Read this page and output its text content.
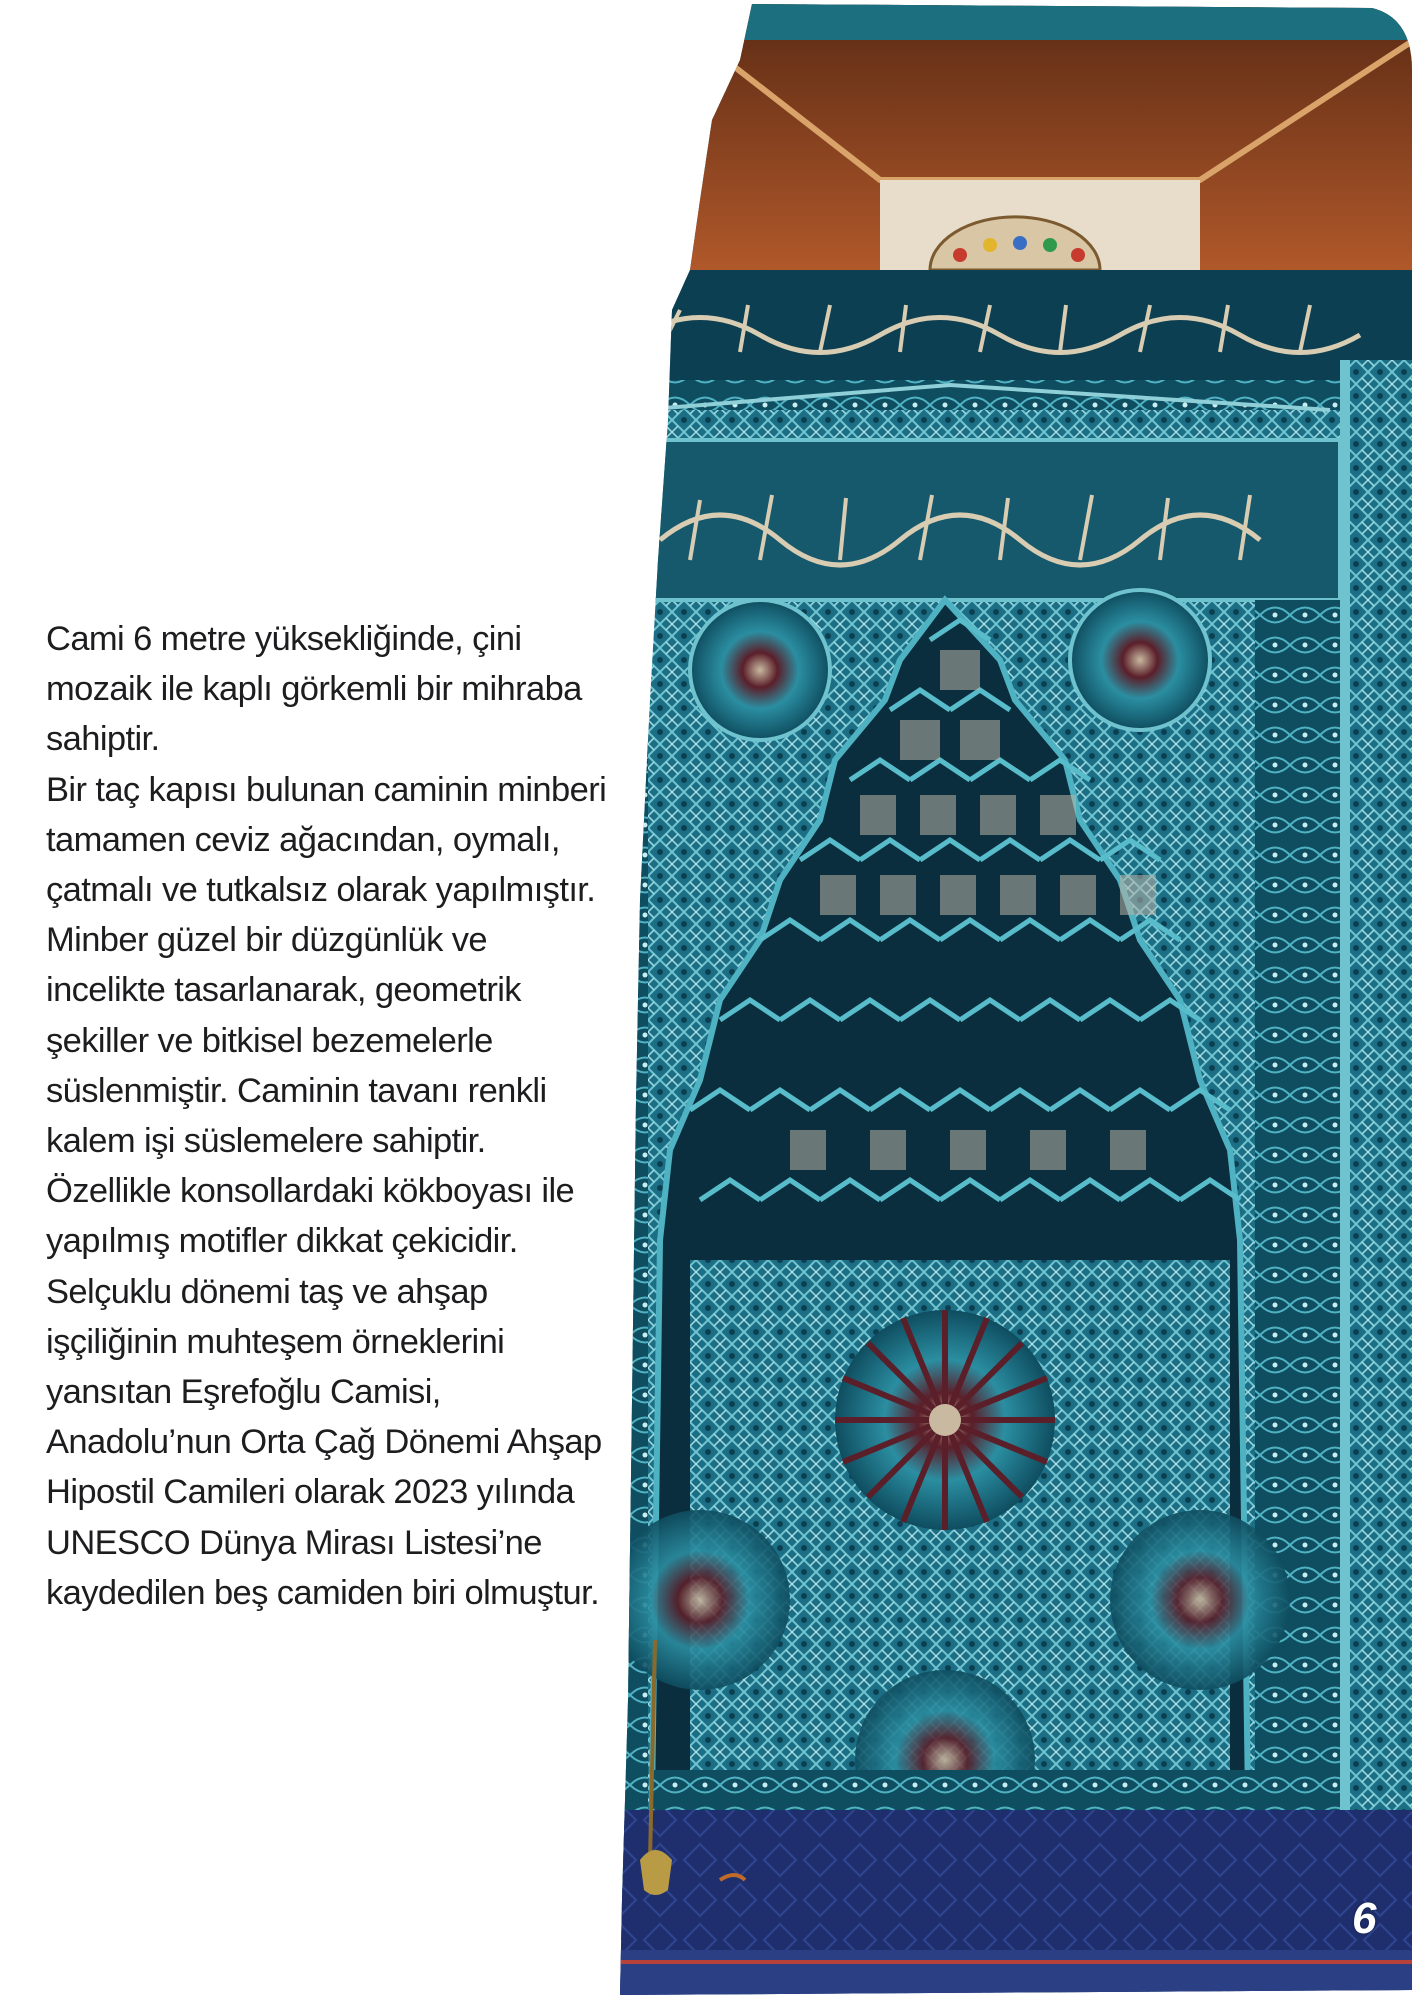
Cami 6 metre yüksekliğinde, çini
mozaik ile kaplı görkemli bir mihraba
sahiptir.
Bir taç kapısı bulunan caminin minberi
tamamen ceviz ağacından, oymalı,
çatmalı ve tutkalsız olarak yapılmıştır.
Minber güzel bir düzgünlük ve
incelikte tasarlanarak, geometrik
şekiller ve bitkisel bezemelerle
süslenmiştir. Caminin tavanı renkli
kalem işi süslemelere sahiptir.
Özellikle konsollardaki kökboyası ile
yapılmış motifler dikkat çekicidir.
Selçuklu dönemi taş ve ahşap
işçiliğinin muhteşem örneklerini
yansıtan Eşrefoğlu Camisi,
Anadolu’nun Orta Çağ Dönemi Ahşap
Hipostil Camileri olarak 2023 yılında
UNESCO Dünya Mirası Listesi’ne
kaydedilen beş camiden biri olmuştur.

6
